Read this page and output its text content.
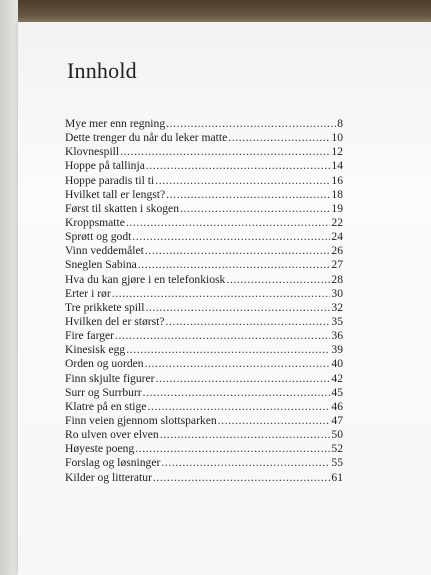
Innhold
Mye mer enn regning .....	8
Dette trenger du når du leker matte .....	10
Klovnespill .....	12
Hoppe på tallinja .....	14
Hoppe paradis til ti .....	16
Hvilket tall er lengst? .....	18
Først til skatten i skogen .....	19
Kroppsmatte .....	22
Sprøtt og godt .....	24
Vinn veddemålet .....	26
Sneglen Sabina .....	27
Hva du kan gjøre i en telefonkiosk .....	28
Erter i rør .....	30
Tre prikkete spill .....	32
Hvilken del er størst? .....	35
Fire farger .....	36
Kinesisk egg .....	39
Orden og uorden .....	40
Finn skjulte figurer .....	42
Surr og Surrburr .....	45
Klatre på en stige .....	46
Finn veien gjennom slottsparken .....	47
Ro ulven over elven .....	50
Høyeste poeng .....	52
Forslag og løsninger .....	55
Kilder og litteratur .....	61
